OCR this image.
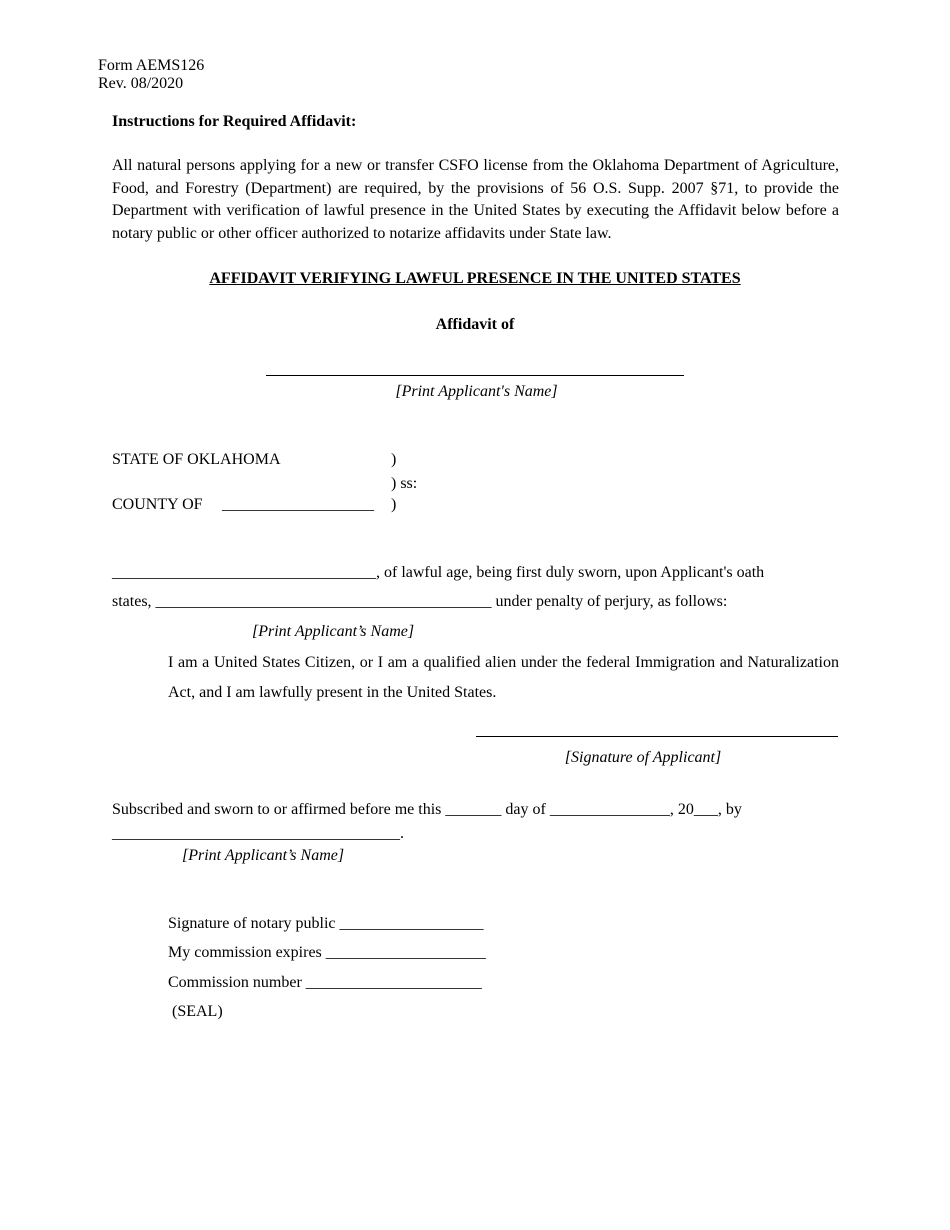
Form AEMS126
Rev. 08/2020
Instructions for Required Affidavit:

All natural persons applying for a new or transfer CSFO license from the Oklahoma Department of Agriculture, Food, and Forestry (Department) are required, by the provisions of 56 O.S. Supp. 2007 §71, to provide the Department with verification of lawful presence in the United States by executing the Affidavit below before a notary public or other officer authorized to notarize affidavits under State law.

AFFIDAVIT VERIFYING LAWFUL PRESENCE IN THE UNITED STATES
Affidavit of
[Print Applicant's Name]
STATE OF OKLAHOMA	)
) ss:
COUNTY OF ___________________ )
_________________________________, of lawful age, being first duly sworn, upon Applicant's oath
states, __________________________________________ under penalty of perjury, as follows:
[Print Applicant’s Name]

I am a United States Citizen, or I am a qualified alien under the federal Immigration and Naturalization Act, and I am lawfully present in the United States.

[Signature of Applicant]
Subscribed and sworn to or affirmed before me this _______ day of _______________, 20___, by
____________________________________.
[Print Applicant’s Name]
Signature of notary public __________________
My commission expires ____________________
Commission number ______________________
(SEAL)
